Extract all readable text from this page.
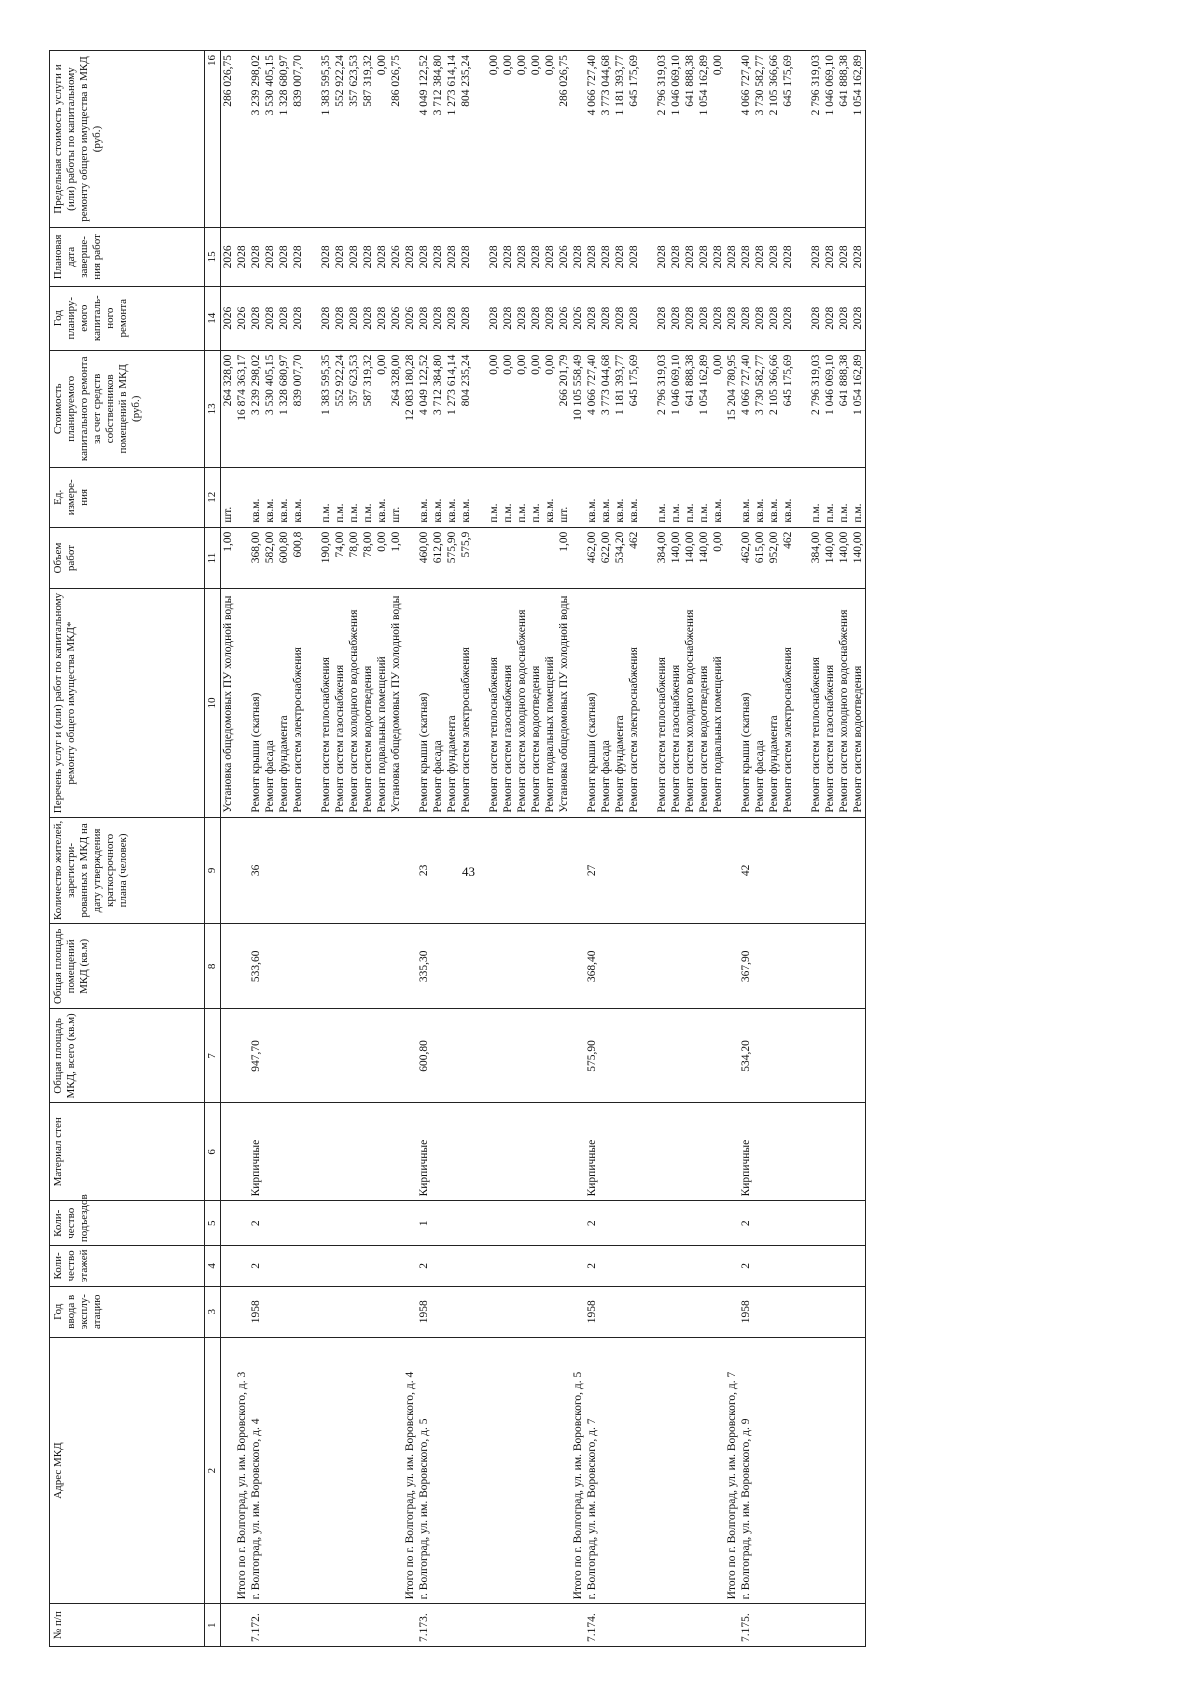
43
№ п/п	Адрес МКД	Год ввода в эксплу-атацию	Коли-чество этажей	Коли-чество подъездов	Материал стен	Общая площадь МКД, всего (кв.м)	Общая площадь помещений МКД (кв.м)	Количество жителей, зарегистри-рованных в МКД на дату утверждения краткосрочного плана (человек)	Перечень услуг и (или) работ по капитальному ремонту общего имущества МКД*	Объем работ	Ед. измере-ния	Стоимость планируемого капитального ремонта за счет средств собственников помещений в МКД (руб.)	Год планиру-емого капиталь-ного ремонта	Плановая дата заверше-ния работ	Предельная стоимость услуги и (или) работы по капитальному ремонту общего имущества в МКД (руб.)
1	2	3	4	5	6	7	8	9	10	11	12	13	14	15	16
									Установка общедомовых ПУ холодной воды	1,00	шт.	264 328,00	2026	2026	286 026,75
	Итого по г. Волгоград, ул. им. Воровского, д. 3											16 874 363,17	2026	2028	
7.172.	г. Волгоград, ул. им. Воровского, д. 4	1958	2	2	Кирпичные	947,70	533,60	36	Ремонт крыши (скатная)	368,00	кв.м.	3 239 298,02	2028	2028	3 239 298,02
									Ремонт фасада	582,00	кв.м.	3 530 405,15	2028	2028	3 530 405,15
									Ремонт фундамента	600,80	кв.м.	1 328 680,97	2028	2028	1 328 680,97
									Ремонт систем электроснабжения	600,8	кв.м.	839 007,70	2028	2028	839 007,70

									Ремонт систем теплоснабжения	190,00	п.м.	1 383 595,35	2028	2028	1 383 595,35
									Ремонт систем газоснабжения	74,00	п.м.	552 922,24	2028	2028	552 922,24
									Ремонт систем холодного водоснабжения	78,00	п.м.	357 623,53	2028	2028	357 623,53
									Ремонт систем водоотведения	78,00	п.м.	587 319,32	2028	2028	587 319,32
									Ремонт подвальных помещений	0,00	кв.м.	0,00	2028	2028	0,00
									Установка общедомовых ПУ холодной воды	1,00	шт.	264 328,00	2026	2026	286 026,75
	Итого по г. Волгоград, ул. им. Воровского, д. 4											12 083 180,28	2026	2028	
7.173.	г. Волгоград, ул. им. Воровского, д. 5	1958	2	1	Кирпичные	600,80	335,30	23	Ремонт крыши (скатная)	460,00	кв.м.	4 049 122,52	2028	2028	4 049 122,52
									Ремонт фасада	612,00	кв.м.	3 712 384,80	2028	2028	3 712 384,80
									Ремонт фундамента	575,90	кв.м.	1 273 614,14	2028	2028	1 273 614,14
									Ремонт систем электроснабжения	575,9	кв.м.	804 235,24	2028	2028	804 235,24

									Ремонт систем теплоснабжения		п.м.	0,00	2028	2028	0,00
									Ремонт систем газоснабжения		п.м.	0,00	2028	2028	0,00
									Ремонт систем холодного водоснабжения		п.м.	0,00	2028	2028	0,00
									Ремонт систем водоотведения		п.м.	0,00	2028	2028	0,00
									Ремонт подвальных помещений		кв.м.	0,00	2028	2028	0,00
									Установка общедомовых ПУ холодной воды	1,00	шт.	266 201,79	2026	2026	286 026,75
	Итого по г. Волгоград, ул. им. Воровского, д. 5											10 105 558,49	2026	2028	
7.174.	г. Волгоград, ул. им. Воровского, д. 7	1958	2	2	Кирпичные	575,90	368,40	27	Ремонт крыши (скатная)	462,00	кв.м.	4 066 727,40	2028	2028	4 066 727,40
									Ремонт фасада	622,00	кв.м.	3 773 044,68	2028	2028	3 773 044,68
									Ремонт фундамента	534,20	кв.м.	1 181 393,77	2028	2028	1 181 393,77
									Ремонт систем электроснабжения	462	кв.м.	645 175,69	2028	2028	645 175,69

									Ремонт систем теплоснабжения	384,00	п.м.	2 796 319,03	2028	2028	2 796 319,03
									Ремонт систем газоснабжения	140,00	п.м.	1 046 069,10	2028	2028	1 046 069,10
									Ремонт систем холодного водоснабжения	140,00	п.м.	641 888,38	2028	2028	641 888,38
									Ремонт систем водоотведения	140,00	п.м.	1 054 162,89	2028	2028	1 054 162,89
									Ремонт подвальных помещений	0,00	кв.м.	0,00	2028	2028	0,00
	Итого по г. Волгоград, ул. им. Воровского, д. 7											15 204 780,95	2028	2028	
7.175.	г. Волгоград, ул. им. Воровского, д. 9	1958	2	2	Кирпичные	534,20	367,90	42	Ремонт крыши (скатная)	462,00	кв.м.	4 066 727,40	2028	2028	4 066 727,40
									Ремонт фасада	615,00	кв.м.	3 730 582,77	2028	2028	3 730 582,77
									Ремонт фундамента	952,00	кв.м.	2 105 366,66	2028	2028	2 105 366,66
									Ремонт систем электроснабжения	462	кв.м.	645 175,69	2028	2028	645 175,69

									Ремонт систем теплоснабжения	384,00	п.м.	2 796 319,03	2028	2028	2 796 319,03
									Ремонт систем газоснабжения	140,00	п.м.	1 046 069,10	2028	2028	1 046 069,10
									Ремонт систем холодного водоснабжения	140,00	п.м.	641 888,38	2028	2028	641 888,38
									Ремонт систем водоотведения	140,00	п.м.	1 054 162,89	2028	2028	1 054 162,89
